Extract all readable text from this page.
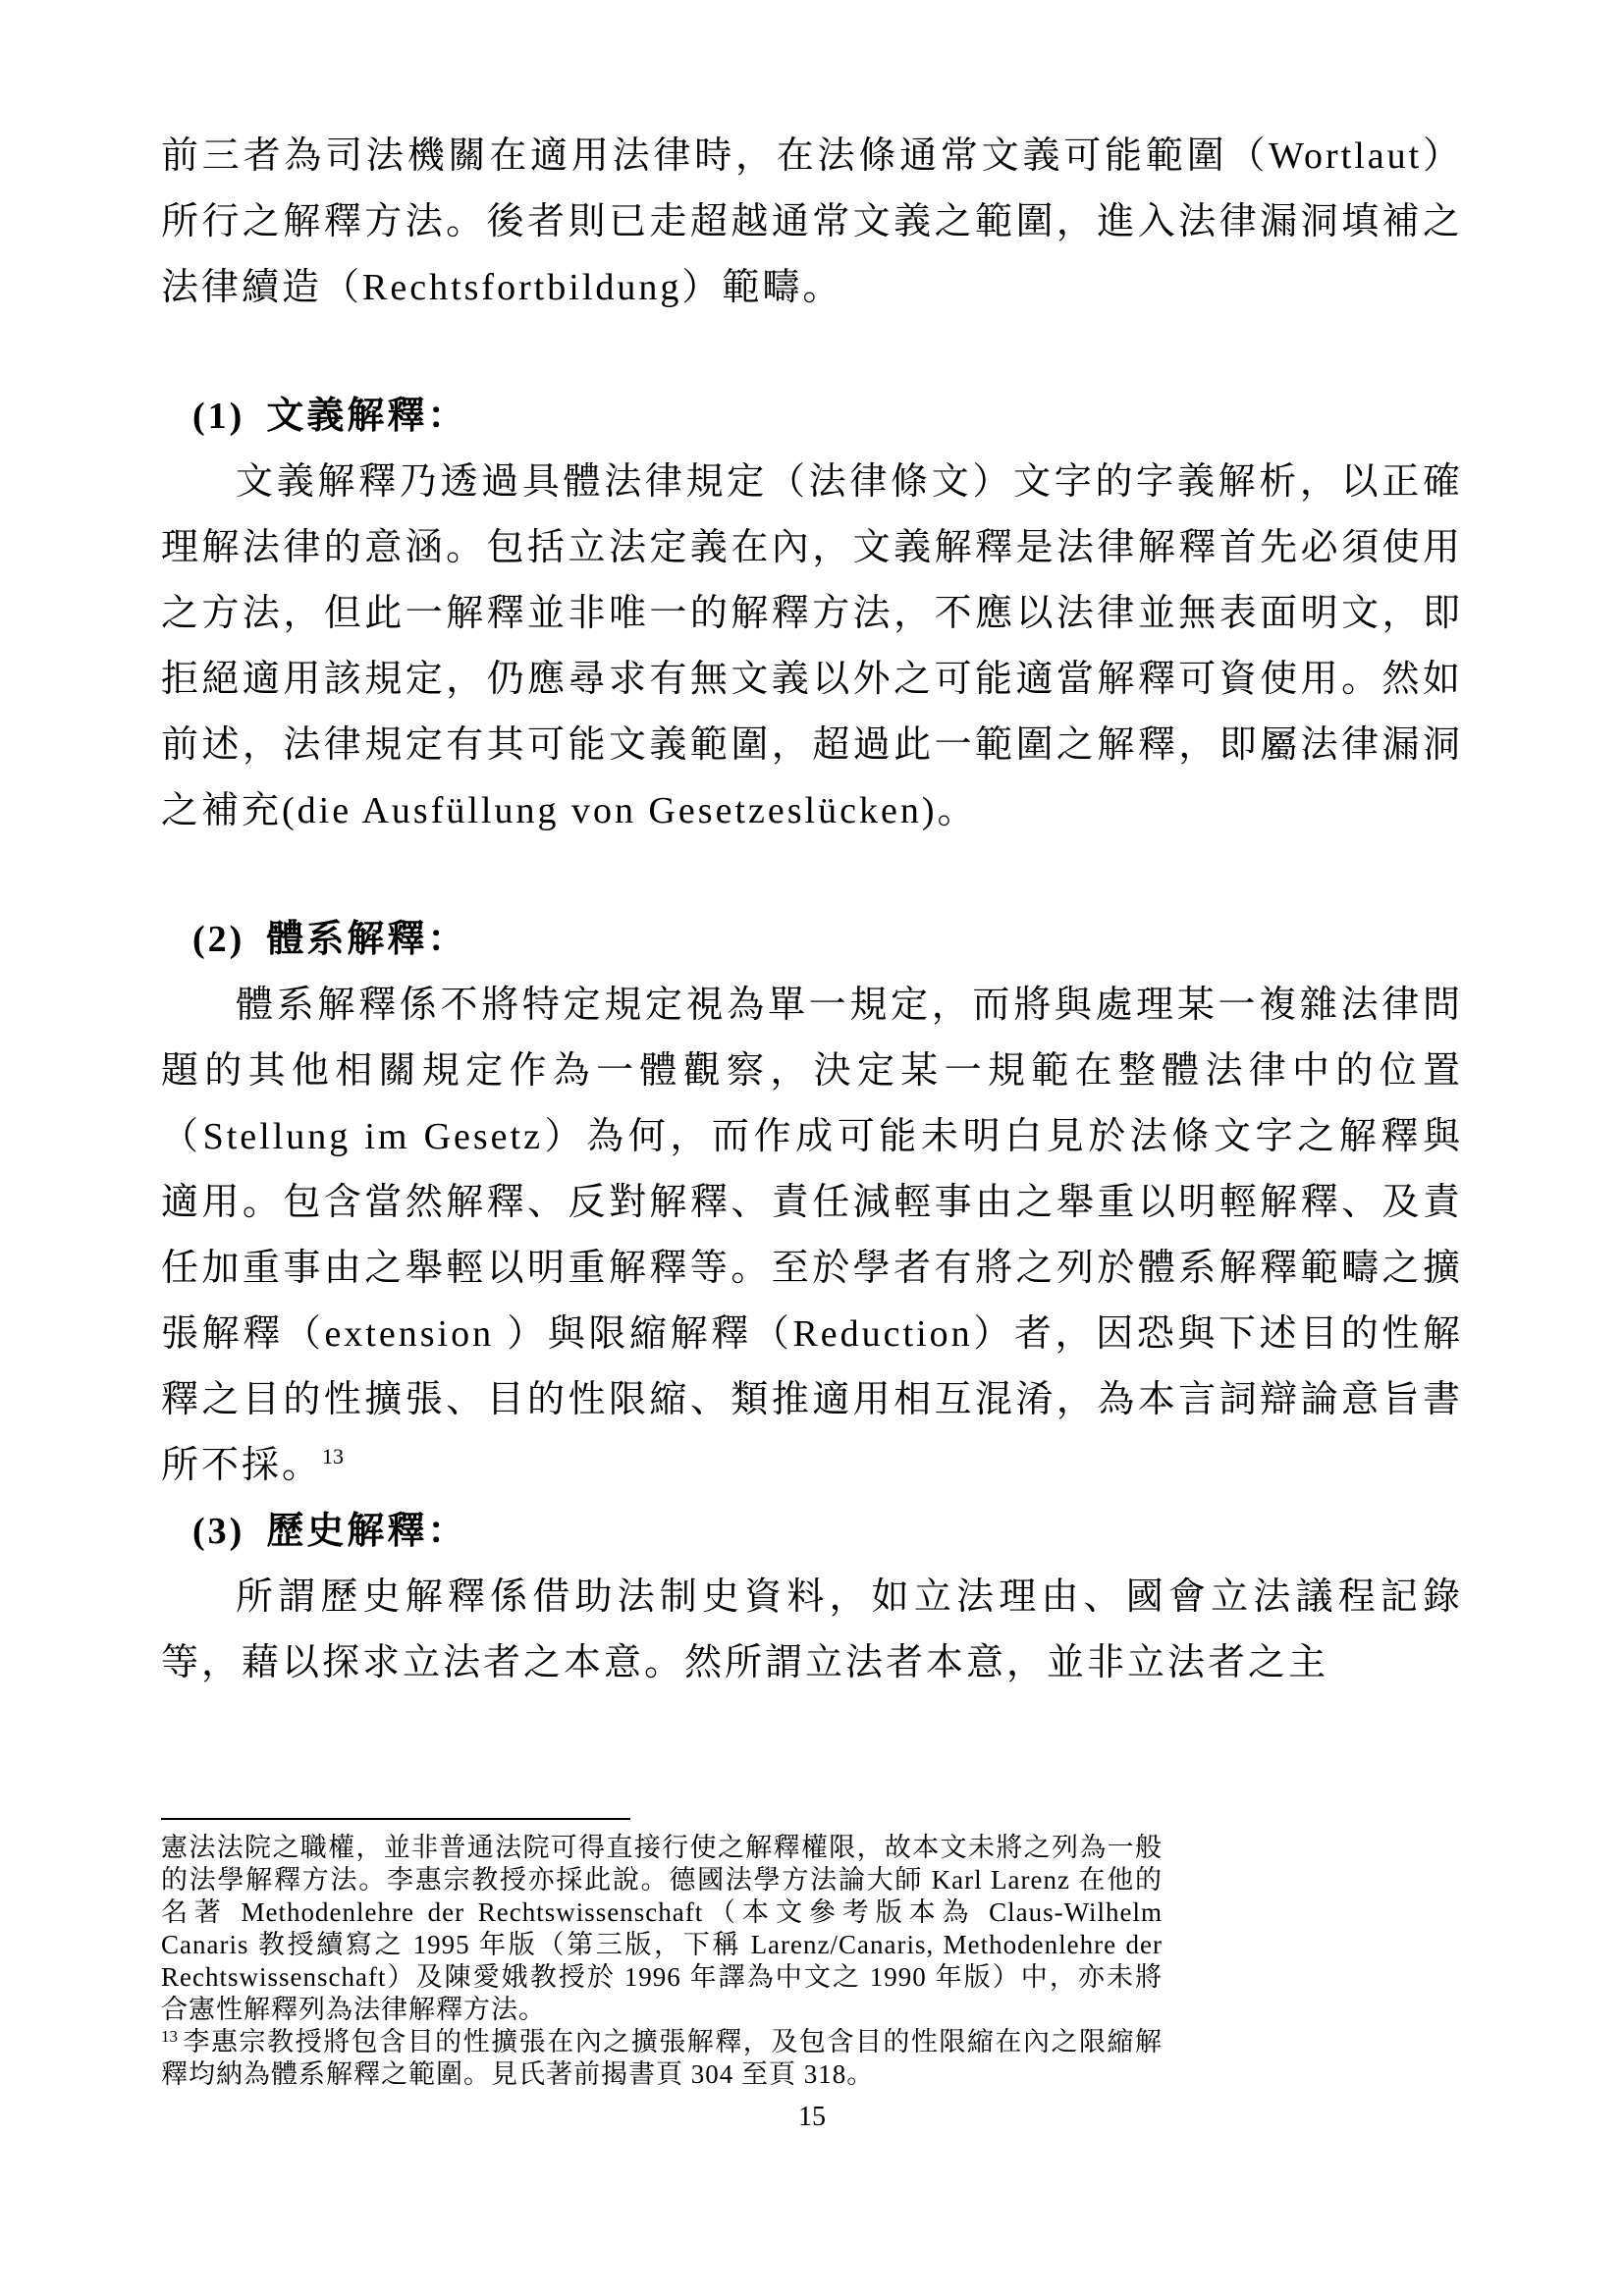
前三者為司法機關在適用法律時，在法條通常文義可能範圍（Wortlaut）所行之解釋方法。後者則已走超越通常文義之範圍，進入法律漏洞填補之法律續造（Rechtsfortbildung）範疇。

(1) 文義解釋：

文義解釋乃透過具體法律規定（法律條文）文字的字義解析，以正確理解法律的意涵。包括立法定義在內，文義解釋是法律解釋首先必須使用之方法，但此一解釋並非唯一的解釋方法，不應以法律並無表面明文，即拒絕適用該規定，仍應尋求有無文義以外之可能適當解釋可資使用。然如前述，法律規定有其可能文義範圍，超過此一範圍之解釋，即屬法律漏洞之補充(die Ausfüllung von Gesetzeslücken)。

(2) 體系解釋：

體系解釋係不將特定規定視為單一規定，而將與處理某一複雜法律問題的其他相關規定作為一體觀察，決定某一規範在整體法律中的位置（Stellung im Gesetz）為何，而作成可能未明白見於法條文字之解釋與適用。包含當然解釋、反對解釋、責任減輕事由之舉重以明輕解釋、及責任加重事由之舉輕以明重解釋等。至於學者有將之列於體系解釋範疇之擴張解釋（extension ）與限縮解釋（Reduction）者，因恐與下述目的性解釋之目的性擴張、目的性限縮、類推適用相互混淆，為本言詞辯論意旨書所不採。$^{13}$

(3) 歷史解釋：

所謂歷史解釋係借助法制史資料，如立法理由、國會立法議程記錄等，藉以探求立法者之本意。然所謂立法者本意，並非立法者之主

憲法法院之職權，並非普通法院可得直接行使之解釋權限，故本文未將之列為一般的法學解釋方法。李惠宗教授亦採此說。德國法學方法論大師 Karl Larenz 在他的名著 Methodenlehre der Rechtswissenschaft（本文參考版本為 Claus-Wilhelm Canaris 教授續寫之 1995 年版（第三版，下稱 Larenz/Canaris, Methodenlehre der Rechtswissenschaft）及陳愛娥教授於 1996 年譯為中文之 1990 年版）中，亦未將合憲性解釋列為法律解釋方法。

$^{13}$ 李惠宗教授將包含目的性擴張在內之擴張解釋，及包含目的性限縮在內之限縮解釋均納為體系解釋之範圍。見氏著前揭書頁 304 至頁 318。

15
